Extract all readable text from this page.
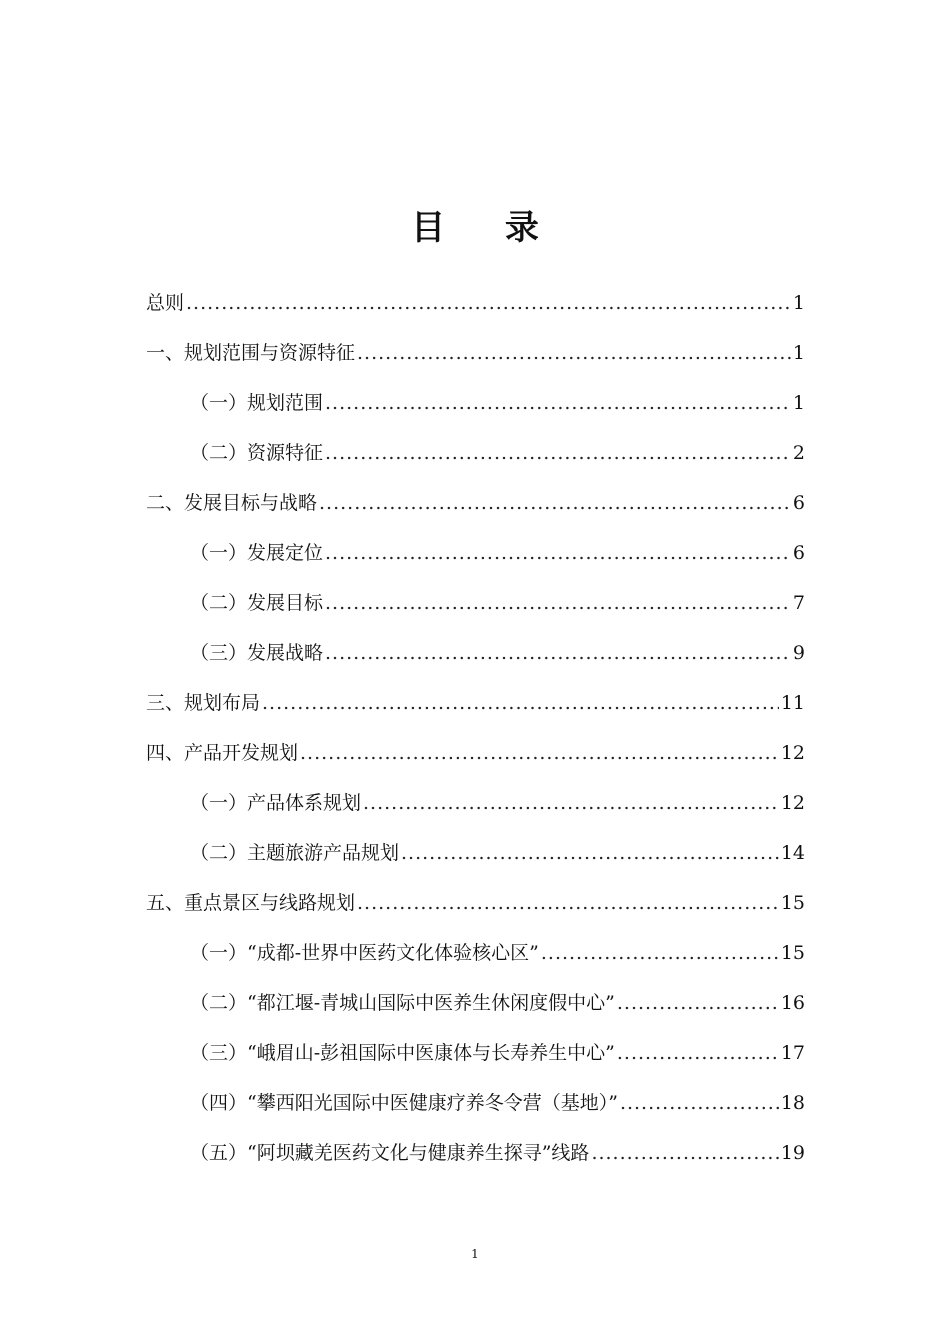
目 录
总则 .....	1
一、规划范围与资源特征 .....	1
（一）规划范围 .....	1
（二）资源特征 .....	2
二、发展目标与战略 .....	6
（一）发展定位 .....	6
（二）发展目标 .....	7
（三）发展战略 .....	9
三、规划布局 .....	11
四、产品开发规划 .....	12
（一）产品体系规划 .....	12
（二）主题旅游产品规划 .....	14
五、重点景区与线路规划 .....	15
（一）“成都-世界中医药文化体验核心区” .....	15
（二）“都江堰-青城山国际中医养生休闲度假中心” .....	16
（三）“峨眉山-彭祖国际中医康体与长寿养生中心” .....	17
（四）“攀西阳光国际中医健康疗养冬令营（基地）” .....	18
（五）“阿坝藏羌医药文化与健康养生探寻”线路 .....	19
1
